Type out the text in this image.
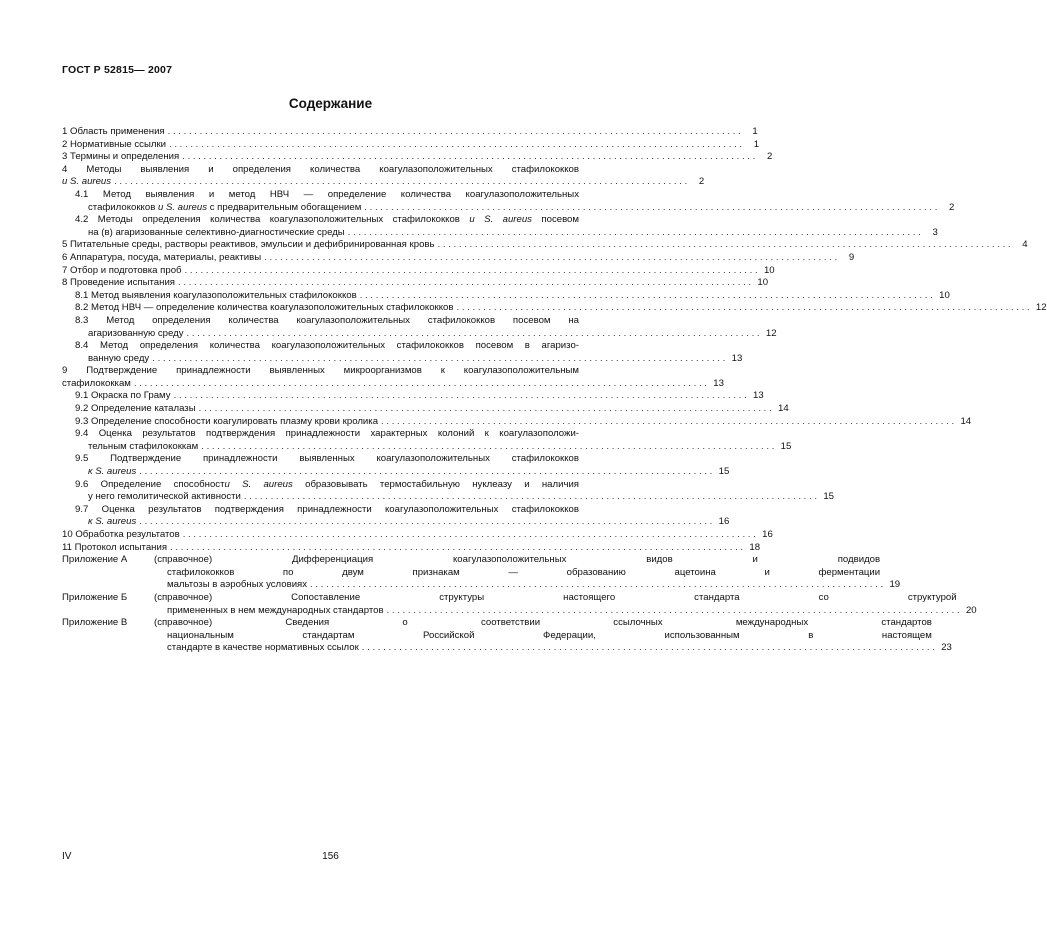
ГОСТ Р 52815— 2007
Содержание
1 Область применения . . .	1
2 Нормативные ссылки . . .	1
3 Термины и определения . . .	2
4 Методы выявления и определения количества коагулазоположительных стафилококков
и S. aureus . . .	2
4.1 Метод выявления и метод НВЧ — определение количества коагулазоположительных
стафилококков и S. aureus с предварительным обогащением . . .	2
4.2 Методы определения количества коагулазоположительных стафилококков и S. aureus посевом
на (в) агаризованные селективно-диагностические среды . . .	3
5 Питательные среды, растворы реактивов, эмульсии и дефибринированная кровь . . .	4
6 Аппаратура, посуда, материалы, реактивы . . .	9
7 Отбор и подготовка проб . . .	10
8 Проведение испытания . . .	10
8.1 Метод выявления коагулазоположительных стафилококков . . .	10
8.2 Метод НВЧ — определение количества коагулазоположительных стафилококков . . .	12
8.3 Метод определения количества коагулазоположительных стафилококков посевом на
агаризованную среду . . .	12
8.4 Метод определения количества коагулазоположительных стафилококков посевом в агаризо-
ванную среду . . .	13
9 Подтверждение принадлежности выявленных микроорганизмов к коагулазоположительным
стафилококкам . . .	13
9.1 Окраска по Граму . . .	13
9.2 Определение каталазы . . .	14
9.3 Определение способности коагулировать плазму крови кролика . . .	14
9.4 Оценка результатов подтверждения принадлежности характерных колоний к коагулазоположи-
тельным стафилококкам . . .	15
9.5 Подтверждение принадлежности выявленных коагулазоположительных стафилококков
к S. aureus . . .	15
9.6 Определение способности S. aureus образовывать термостабильную нуклеазу и наличия
у него гемолитической активности . . .	15
9.7 Оценка результатов подтверждения принадлежности коагулазоположительных стафилококков
к S. aureus . . .	16
10 Обработка результатов . . .	16
11 Протокол испытания . . .	18
Приложение А	(справочное) Дифференциация коагулазоположительных видов и подвидов
стафилококков по двум признакам — образованию ацетоина и ферментации
мальтозы в аэробных условиях . . .	19
Приложение Б	(справочное) Сопоставление структуры настоящего стандарта со структурой
примененных в нем международных стандартов . . .	20
Приложение В	(справочное) Сведения о соответствии ссылочных международных стандартов
национальным стандартам Российской Федерации, использованным в настоящем
стандарте в качестве нормативных ссылок . . .	23
IV	156
